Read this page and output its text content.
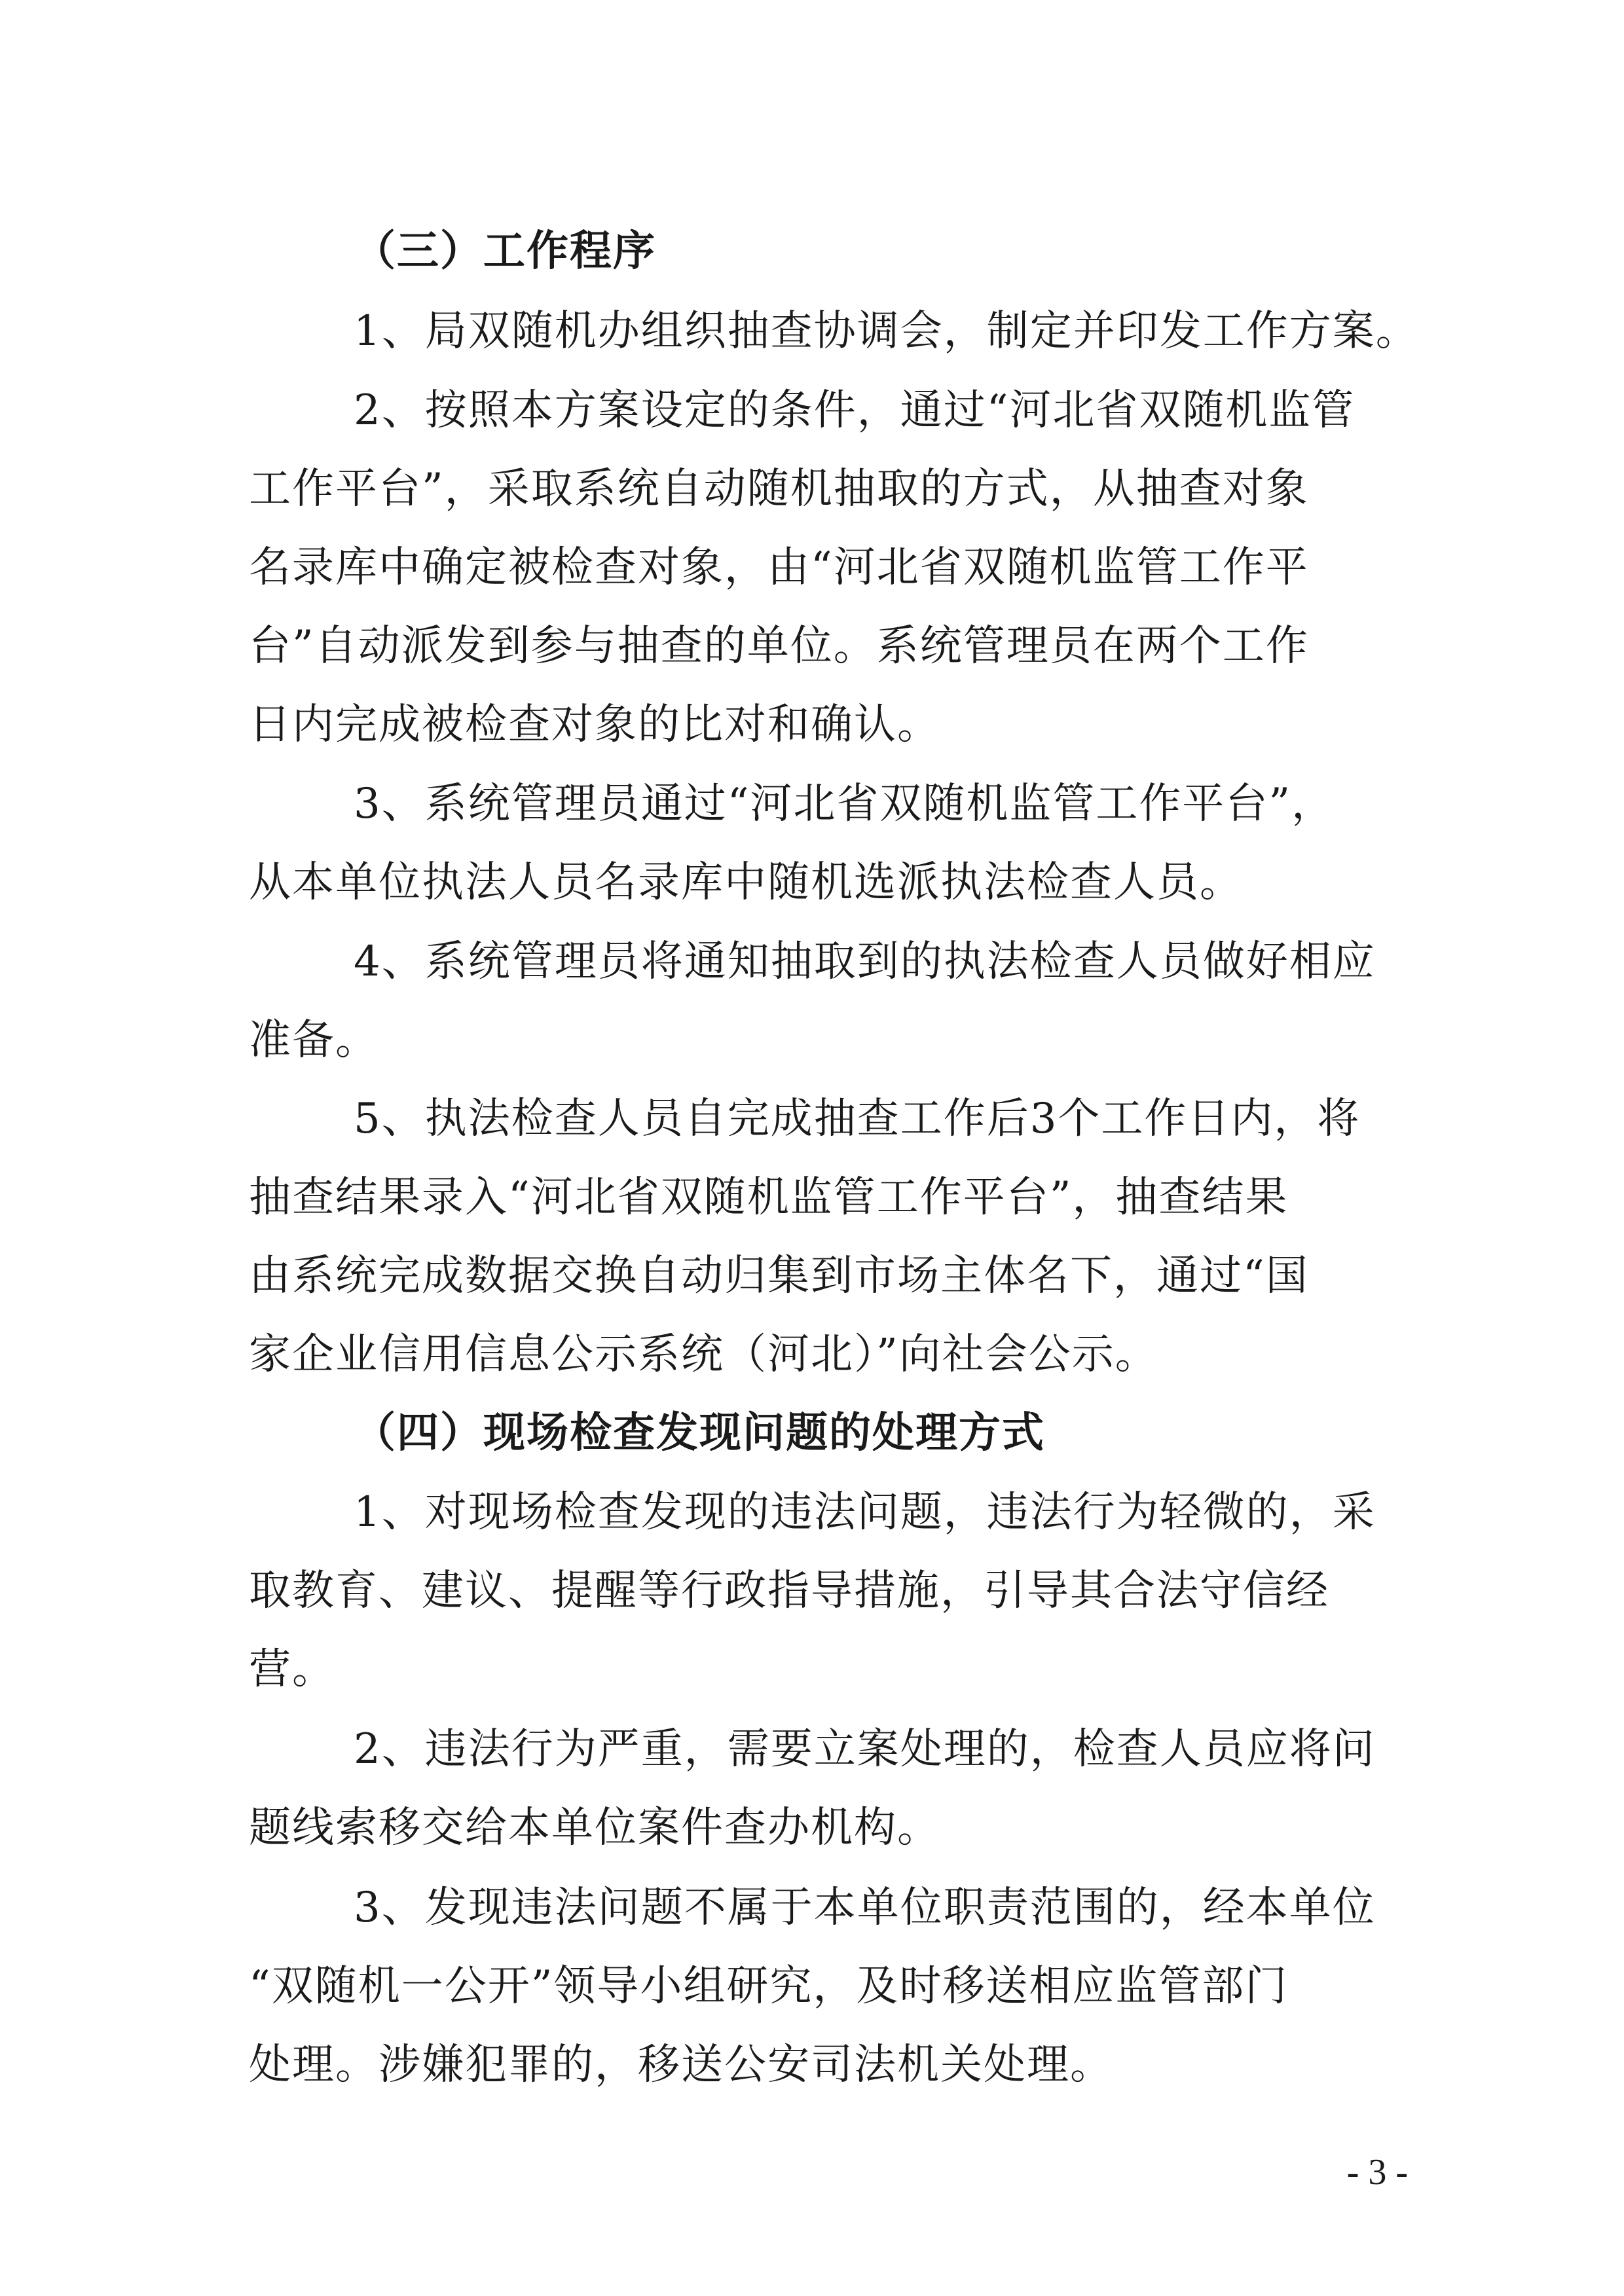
（三）工作程序
1、局双随机办组织抽查协调会，制定并印发工作方案。
2、按照本方案设定的条件，通过“河北省双随机监管
工作平台”，采取系统自动随机抽取的方式，从抽查对象
名录库中确定被检查对象，由“河北省双随机监管工作平
台”自动派发到参与抽查的单位。系统管理员在两个工作
日内完成被检查对象的比对和确认。
3、系统管理员通过“河北省双随机监管工作平台”，
从本单位执法人员名录库中随机选派执法检查人员。
4、系统管理员将通知抽取到的执法检查人员做好相应
准备。
5、执法检查人员自完成抽查工作后3个工作日内，将
抽查结果录入“河北省双随机监管工作平台”，抽查结果
由系统完成数据交换自动归集到市场主体名下，通过“国
家企业信用信息公示系统（河北）”向社会公示。
（四）现场检查发现问题的处理方式
1、对现场检查发现的违法问题，违法行为轻微的，采
取教育、建议、提醒等行政指导措施，引导其合法守信经
营。
2、违法行为严重，需要立案处理的，检查人员应将问
题线索移交给本单位案件查办机构。
3、发现违法问题不属于本单位职责范围的，经本单位
“双随机一公开”领导小组研究，及时移送相应监管部门
处理。涉嫌犯罪的，移送公安司法机关处理。
- 3 -
